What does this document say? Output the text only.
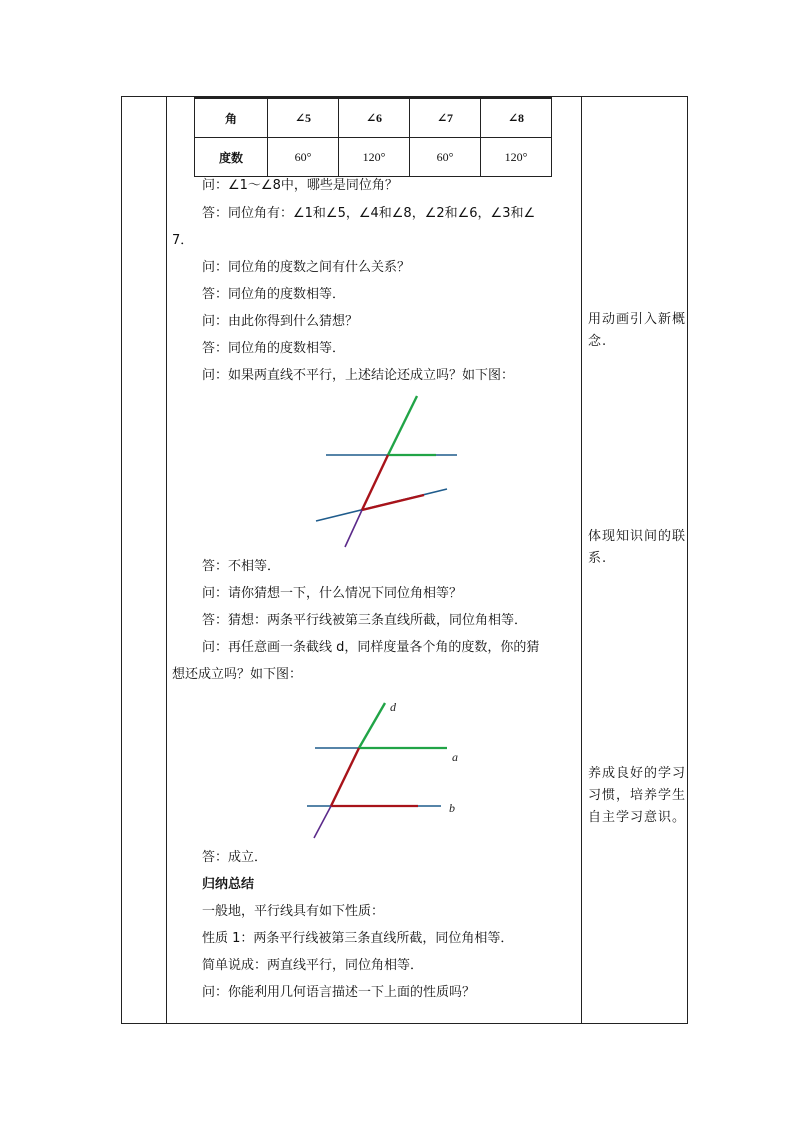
角	∠5	∠6	∠7	∠8
度数	60°	120°	60°	120°
问：∠1～∠8中，哪些是同位角？
答：同位角有：∠1和∠5，∠4和∠8，∠2和∠6，∠3和∠
7．
问：同位角的度数之间有什么关系？
答：同位角的度数相等．
问：由此你得到什么猜想？
答：同位角的度数相等．
问：如果两直线不平行，上述结论还成立吗？如下图：
答：不相等．
问：请你猜想一下，什么情况下同位角相等？
答：猜想：两条平行线被第三条直线所截，同位角相等．
问：再任意画一条截线 d，同样度量各个角的度数，你的猜
想还成立吗？如下图：
d
a
b
答：成立．
归纳总结
一般地，平行线具有如下性质：
性质 1：两条平行线被第三条直线所截，同位角相等．
简单说成：两直线平行，同位角相等．
问：你能利用几何语言描述一下上面的性质吗？
用动画引入新概念.
体现知识间的联系.
养成良好的学习习惯，培养学生自主学习意识。
